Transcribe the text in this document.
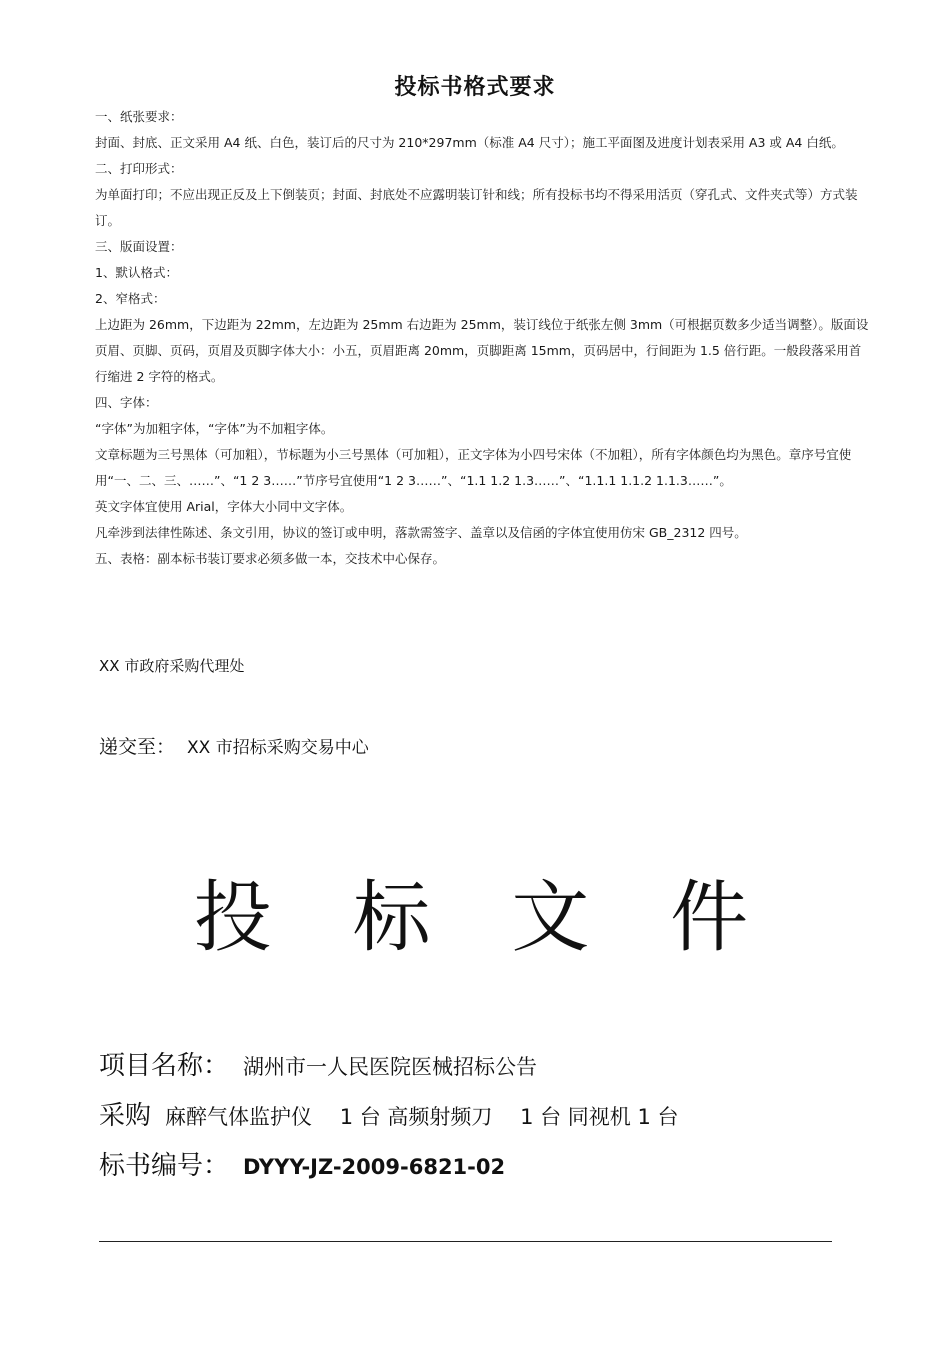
投标书格式要求

一、纸张要求：

封面、封底、正文采用 A4 纸、白色，装订后的尺寸为 210*297mm（标准 A4 尺寸）；施工平面图及进度计划表采用 A3 或 A4 白纸。

二、打印形式：

为单面打印；不应出现正反及上下倒装页；封面、封底处不应露明装订针和线；所有投标书均不得采用活页（穿孔式、文件夹式等）方式装订。

三、版面设置：

1、默认格式：

2、窄格式：

上边距为 26mm，下边距为 22mm，左边距为 25mm 右边距为 25mm，装订线位于纸张左侧 3mm（可根据页数多少适当调整）。版面设页眉、页脚、页码，页眉及页脚字体大小：小五，页眉距离 20mm，页脚距离 15mm，页码居中，行间距为 1.5 倍行距。一般段落采用首行缩进 2 字符的格式。

四、字体：

“字体”为加粗字体，“字体”为不加粗字体。

文章标题为三号黑体（可加粗），节标题为小三号黑体（可加粗），正文字体为小四号宋体（不加粗），所有字体颜色均为黑色。章序号宜使用“一、二、三、……”、“1 2 3……”节序号宜使用“1 2 3……”、“1.1 1.2 1.3……”、“1.1.1 1.1.2 1.1.3……”。

英文字体宜使用 Arial，字体大小同中文字体。

凡牵涉到法律性陈述、条文引用，协议的签订或申明，落款需签字、盖章以及信函的字体宜使用仿宋 GB_2312 四号。

五、表格：副本标书装订要求必须多做一本，交技术中心保存。

XX 市政府采购代理处
递交至： XX 市招标采购交易中心
投 标 文 件
项目名称： 湖州市一人民医院医械招标公告
采购 麻醉气体监护仪 　1 台 高频射频刀 　1 台 同视机 1 台
标书编号： DYYY-JZ-2009-6821-02
